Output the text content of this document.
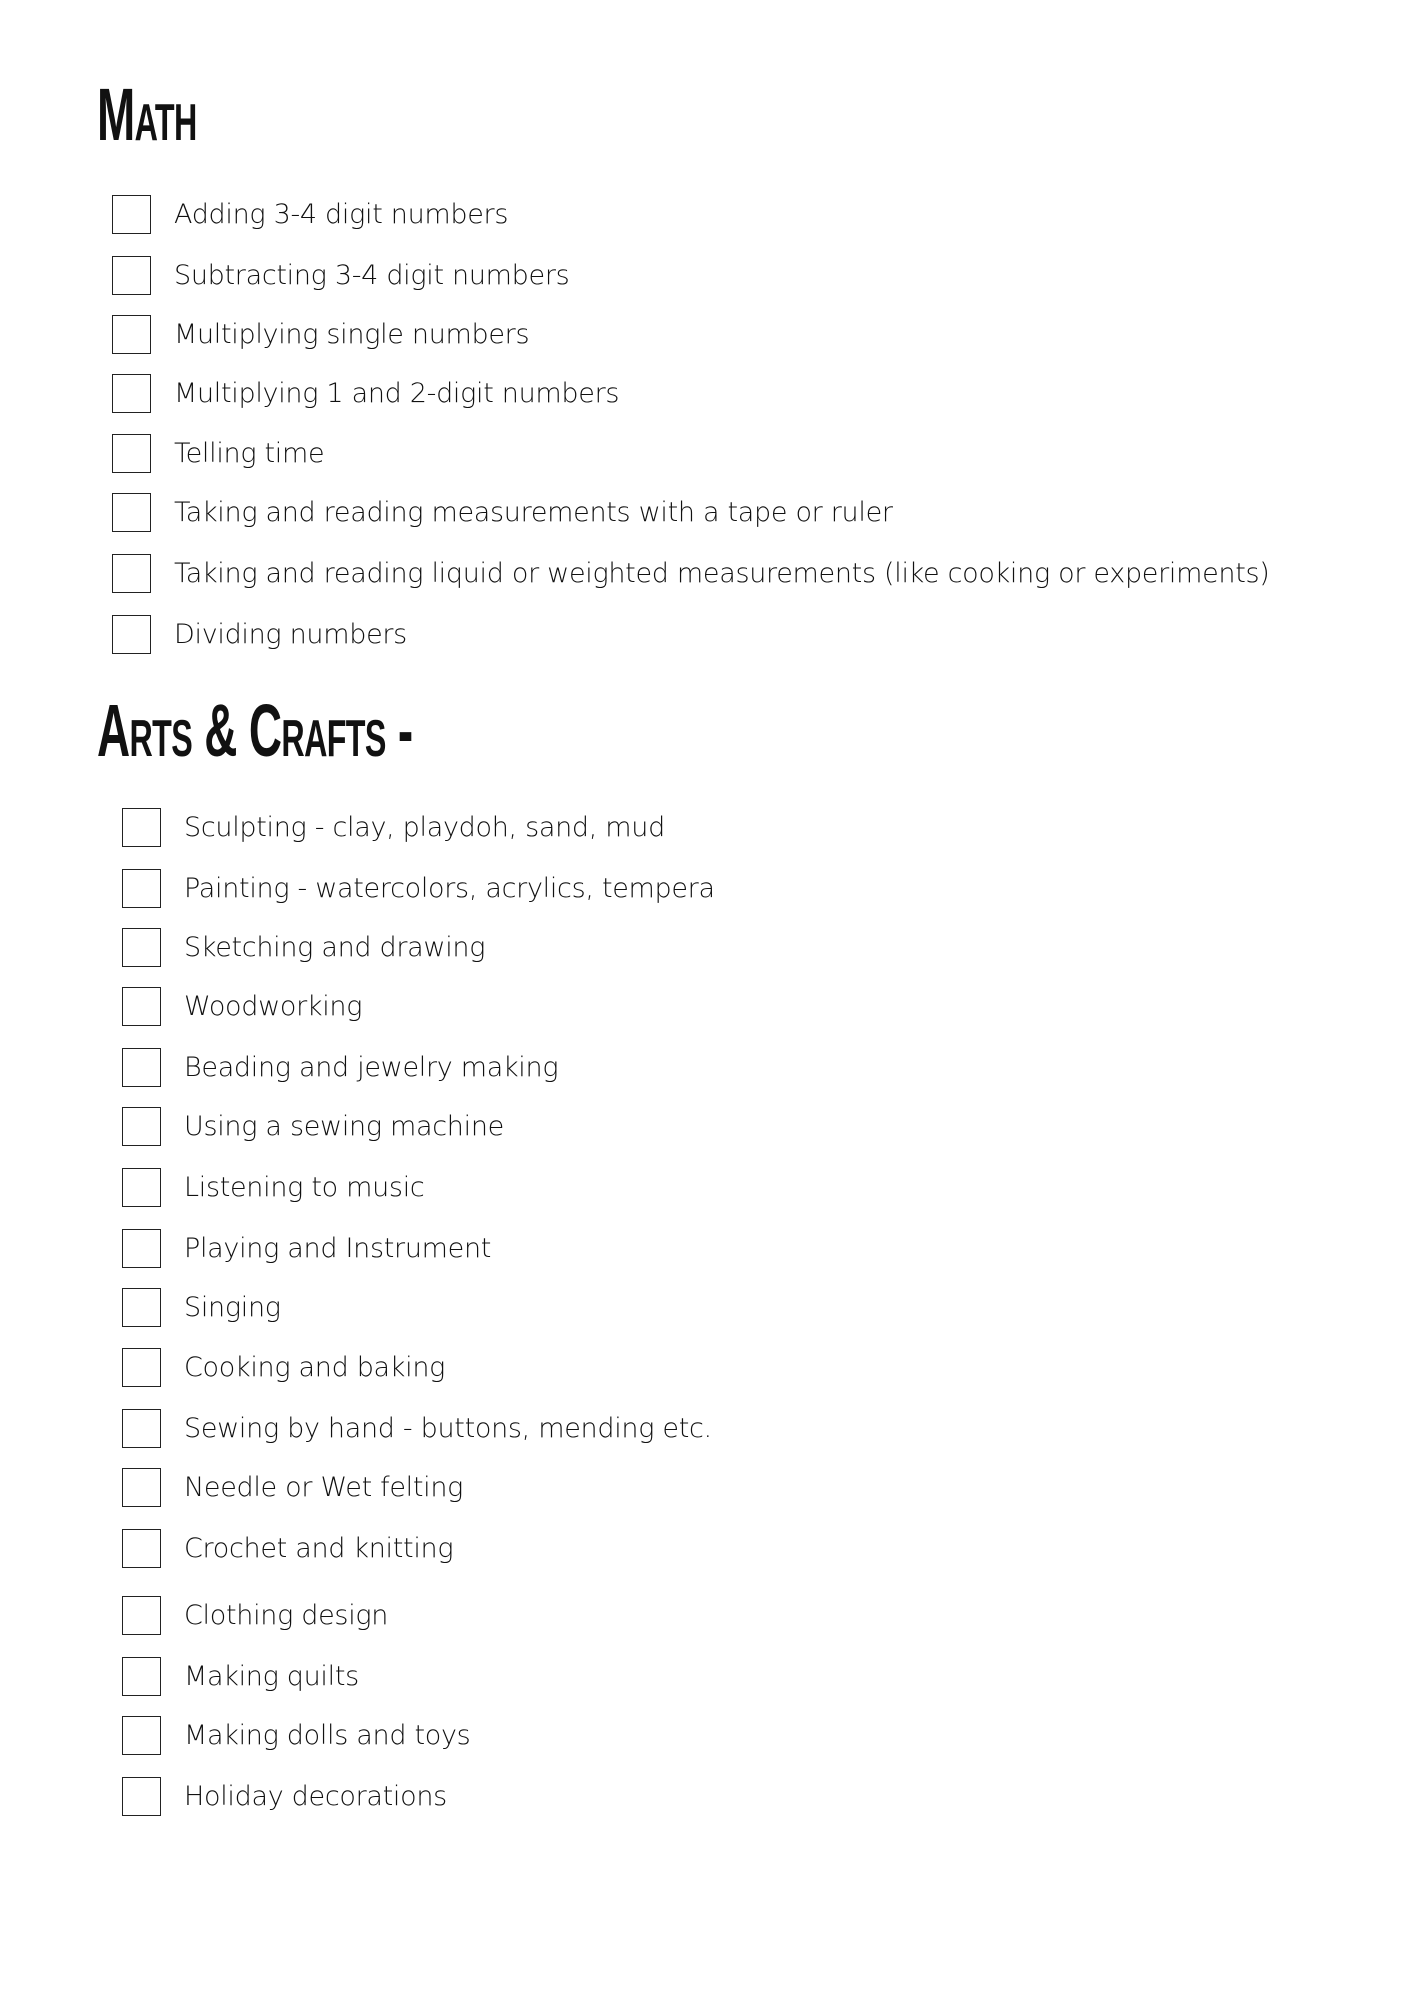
Math
Adding 3-4 digit numbers
Subtracting 3-4 digit numbers
Multiplying single numbers
Multiplying 1 and 2-digit numbers
Telling time
Taking and reading measurements with a tape or ruler
Taking and reading liquid or weighted measurements (like cooking or experiments)
Dividing numbers
Arts & Crafts -
Sculpting - clay, playdoh, sand, mud
Painting - watercolors, acrylics, tempera
Sketching and drawing
Woodworking
Beading and jewelry making
Using a sewing machine
Listening to music
Playing and Instrument
Singing
Cooking and baking
Sewing by hand - buttons, mending etc.
Needle or Wet felting
Crochet and knitting
Clothing design
Making quilts
Making dolls and toys
Holiday decorations
